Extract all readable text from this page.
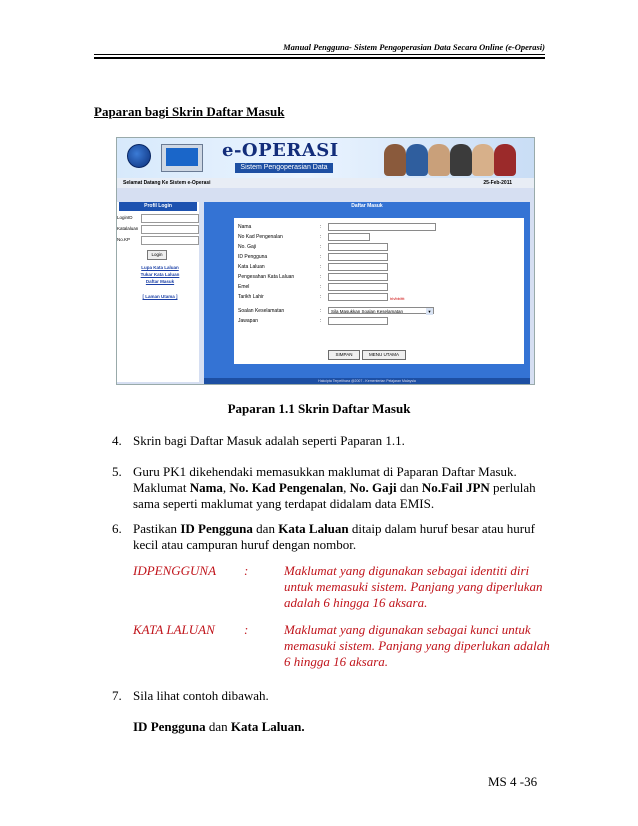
Manual Pengguna- Sistem Pengoperasian Data Secara Online (e-Operasi)
Paparan bagi Skrin Daftar Masuk
e-OPERASI
Sistem Pengoperasian Data
Selamat Datang Ke Sistem e-Operasi	25-Feb-2011
Profil Login
LoginID
Katalaluan
No.KP
Login
Lupa Kata Laluan
Tukar Kata Laluan
Daftar Masuk
[ Laman Utama ]
Daftar Masuk
Nama	:
No Kad Pengenalan	:
No. Gaji	:
ID Pengguna	:
Kata Laluan	:
Pengesahan Kata Laluan	:
Emel	:
Tarikh Lahir	:	hh/bb/ttt
Soalan Keselamatan	:	Sila Masukkan Soalan Keselamatan	▼
Jawapan	:
SIMPAN	MENU UTAMA
Hakcipta Terpelihara @2007 - Kementerian Pelajaran Malaysia
Paparan 1.1 Skrin Daftar Masuk
4. Skrin bagi Daftar Masuk adalah seperti Paparan 1.1.
5. Guru PK1 dikehendaki memasukkan maklumat di Paparan Daftar Masuk.
Maklumat Nama, No. Kad Pengenalan, No. Gaji dan No.Fail JPN perlulah
sama seperti maklumat yang terdapat didalam data EMIS.
6. Pastikan ID Pengguna dan Kata Laluan ditaip dalam huruf besar atau huruf
kecil atau campuran huruf dengan nombor.
IDPENGGUNA :	Maklumat yang digunakan sebagai identiti diri
untuk memasuki sistem. Panjang yang diperlukan
adalah 6 hingga 16 aksara.
KATA LALUAN :	Maklumat yang digunakan sebagai kunci untuk
memasuki sistem. Panjang yang diperlukan adalah
6 hingga 16 aksara.
7. Sila lihat contoh dibawah.
ID Pengguna dan Kata Laluan.
MS 4 -36
